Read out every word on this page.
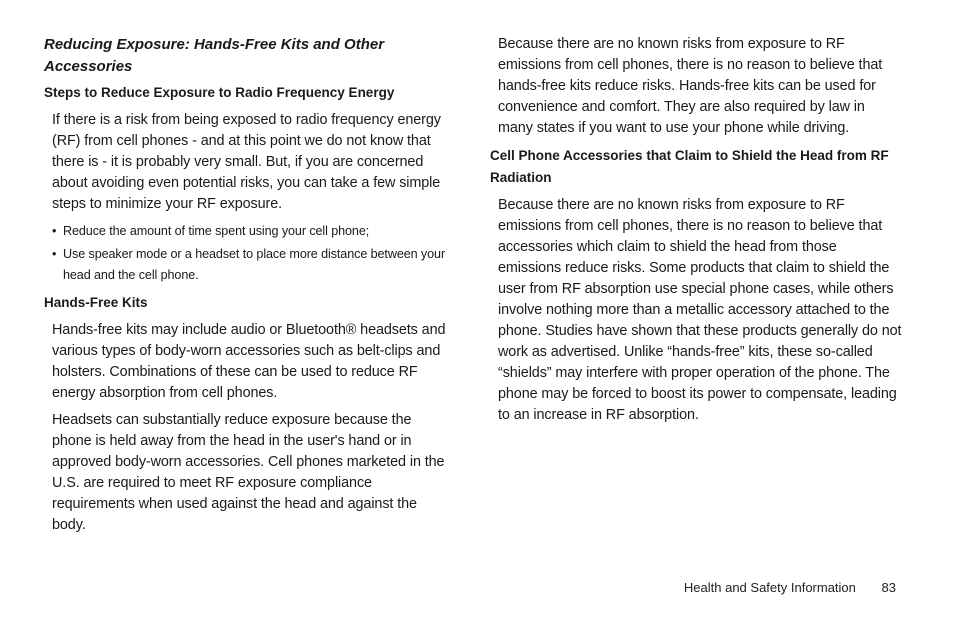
Reducing Exposure: Hands-Free Kits and Other Accessories
Steps to Reduce Exposure to Radio Frequency Energy

If there is a risk from being exposed to radio frequency energy (RF) from cell phones - and at this point we do not know that there is - it is probably very small. But, if you are concerned about avoiding even potential risks, you can take a few simple steps to minimize your RF exposure.

• Reduce the amount of time spent using your cell phone;
• Use speaker mode or a headset to place more distance between your head and the cell phone.
Hands-Free Kits

Hands-free kits may include audio or Bluetooth® headsets and various types of body-worn accessories such as belt-clips and holsters. Combinations of these can be used to reduce RF energy absorption from cell phones.

Headsets can substantially reduce exposure because the phone is held away from the head in the user's hand or in approved body-worn accessories. Cell phones marketed in the U.S. are required to meet RF exposure compliance requirements when used against the head and against the body.

Because there are no known risks from exposure to RF emissions from cell phones, there is no reason to believe that hands-free kits reduce risks. Hands-free kits can be used for convenience and comfort. They are also required by law in many states if you want to use your phone while driving.

Cell Phone Accessories that Claim to Shield the Head from RF Radiation

Because there are no known risks from exposure to RF emissions from cell phones, there is no reason to believe that accessories which claim to shield the head from those emissions reduce risks. Some products that claim to shield the user from RF absorption use special phone cases, while others involve nothing more than a metallic accessory attached to the phone. Studies have shown that these products generally do not work as advertised. Unlike “hands-free” kits, these so-called “shields” may interfere with proper operation of the phone. The phone may be forced to boost its power to compensate, leading to an increase in RF absorption.

Health and Safety Information 83
